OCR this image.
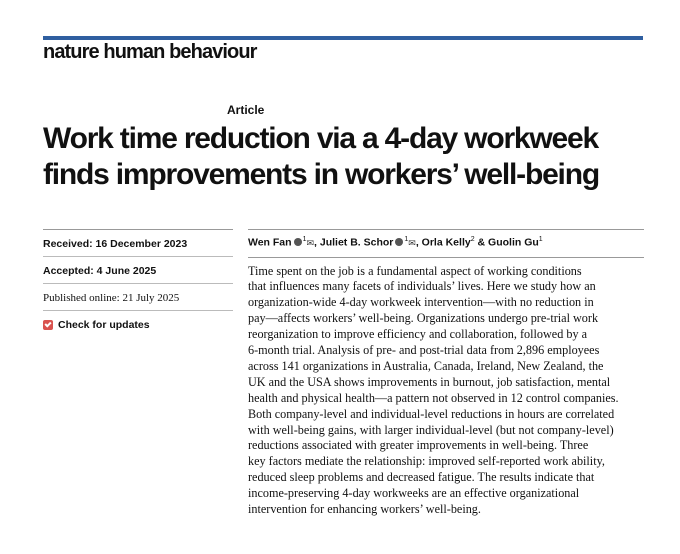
nature human behaviour
Article
Work time reduction via a 4-day workweek
finds improvements in workers’ well-being
Received: 16 December 2023
Accepted: 4 June 2025
Published online: 21 July 2025
Check for updates
Wen Fan $^1$✉, Juliet B. Schor $^1$✉, Orla Kelly$^2$ & Guolin Gu$^1$
Time spent on the job is a fundamental aspect of working conditions
that influences many facets of individuals’ lives. Here we study how an
organization-wide 4-day workweek intervention—with no reduction in
pay—affects workers’ well-being. Organizations undergo pre-trial work
reorganization to improve efficiency and collaboration, followed by a
6-month trial. Analysis of pre- and post-trial data from 2,896 employees
across 141 organizations in Australia, Canada, Ireland, New Zealand, the
UK and the USA shows improvements in burnout, job satisfaction, mental
health and physical health—a pattern not observed in 12 control companies.
Both company-level and individual-level reductions in hours are correlated
with well-being gains, with larger individual-level (but not company-level)
reductions associated with greater improvements in well-being. Three
key factors mediate the relationship: improved self-reported work ability,
reduced sleep problems and decreased fatigue. The results indicate that
income-preserving 4-day workweeks are an effective organizational
intervention for enhancing workers’ well-being.
